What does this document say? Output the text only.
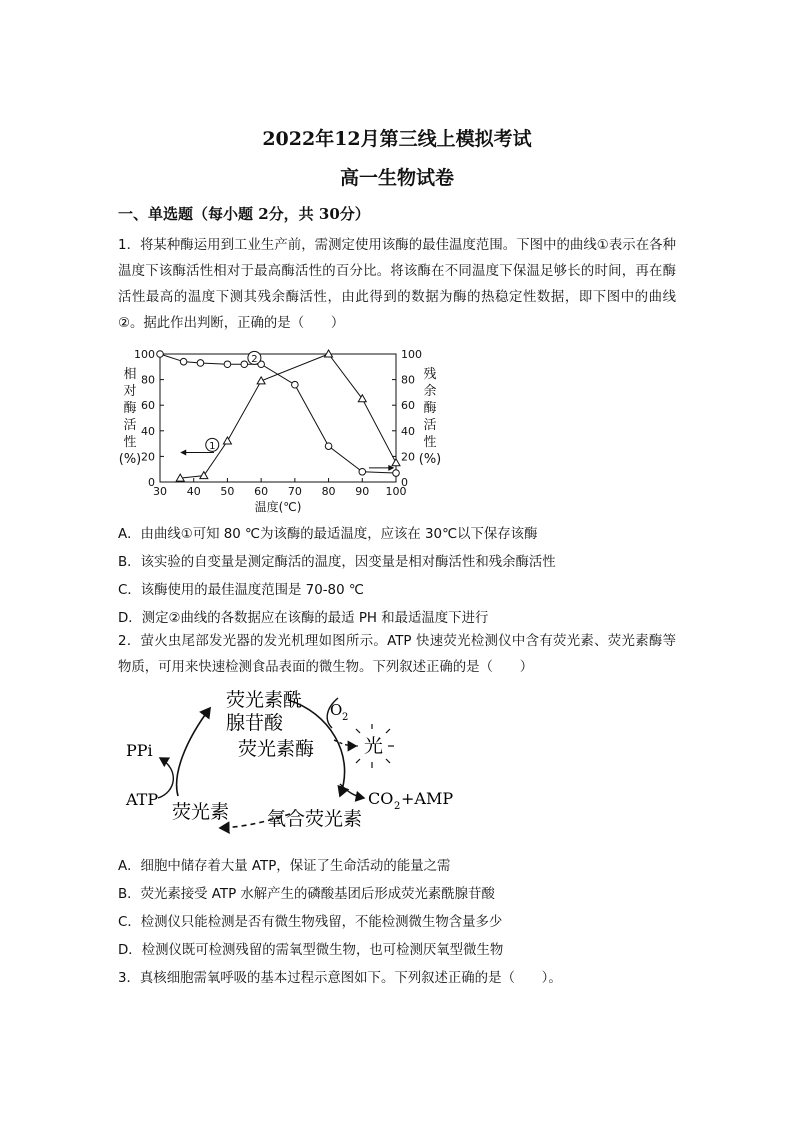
2022年12月第三线上模拟考试
高一生物试卷
一、单选题（每小题 2分，共 30分）

1．将某种酶运用到工业生产前，需测定使用该酶的最佳温度范围。下图中的曲线①表示在各种温度下该酶活性相对于最高酶活性的百分比。将该酶在不同温度下保温足够长的时间，再在酶活性最高的温度下测其残余酶活性，由此得到的数据为酶的热稳定性数据，即下图中的曲线②。据此作出判断，正确的是（　　）

30 40 50 60 70 80 90 100
0	0
20	20
40	40
60	60
80	80
100	100
温度(℃)
相
对
酶
活
性
(%)
残
余
酶
活
性
(%)
2
1
A．由曲线①可知 80 ℃为该酶的最适温度，应该在 30℃以下保存该酶
B．该实验的自变量是测定酶活的温度，因变量是相对酶活性和残余酶活性
C．该酶使用的最佳温度范围是 70-80 ℃
D．测定②曲线的各数据应在该酶的最适 PH 和最适温度下进行

2．萤火虫尾部发光器的发光机理如图所示。ATP 快速荧光检测仪中含有荧光素、荧光素酶等物质，可用来快速检测食品表面的微生物。下列叙述正确的是（　　）

荧光素酰
腺苷酸
荧光素酶
O 2
光
PPi
ATP	CO 2 +AMP
荧光素 氧合荧光素
A．细胞中储存着大量 ATP，保证了生命活动的能量之需
B．荧光素接受 ATP 水解产生的磷酸基团后形成荧光素酰腺苷酸
C．检测仪只能检测是否有微生物残留，不能检测微生物含量多少
D．检测仪既可检测残留的需氧型微生物，也可检测厌氧型微生物
3．真核细胞需氧呼吸的基本过程示意图如下。下列叙述正确的是（　　）。
